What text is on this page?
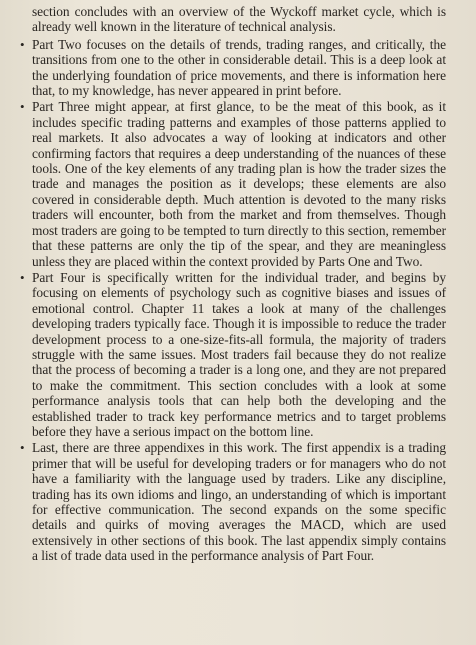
section concludes with an overview of the Wyckoff market cycle, which is already well known in the literature of technical analysis.

• Part Two focuses on the details of trends, trading ranges, and critically, the transitions from one to the other in considerable detail. This is a deep look at the underlying foundation of price movements, and there is information here that, to my knowledge, has never appeared in print before.
• Part Three might appear, at first glance, to be the meat of this book, as it includes specific trading patterns and examples of those patterns applied to real markets. It also advocates a way of looking at indicators and other confirming factors that requires a deep understanding of the nuances of these tools. One of the key elements of any trading plan is how the trader sizes the trade and manages the position as it develops; these elements are also covered in considerable depth. Much attention is devoted to the many risks traders will encounter, both from the market and from themselves. Though most traders are going to be tempted to turn directly to this section, remember that these patterns are only the tip of the spear, and they are meaningless unless they are placed within the context provided by Parts One and Two.
• Part Four is specifically written for the individual trader, and begins by focusing on elements of psychology such as cognitive biases and issues of emotional control. Chapter 11 takes a look at many of the challenges developing traders typically face. Though it is impossible to reduce the trader development process to a one-size-fits-all formula, the majority of traders struggle with the same issues. Most traders fail because they do not realize that the process of becoming a trader is a long one, and they are not prepared to make the commitment. This section concludes with a look at some performance analysis tools that can help both the developing and the established trader to track key performance metrics and to target problems before they have a serious impact on the bottom line.
• Last, there are three appendixes in this work. The first appendix is a trading primer that will be useful for developing traders or for managers who do not have a familiarity with the language used by traders. Like any discipline, trading has its own idioms and lingo, an understanding of which is important for effective communication. The second expands on the some specific details and quirks of moving averages the MACD, which are used extensively in other sections of this book. The last appendix simply contains a list of trade data used in the performance analysis of Part Four.
